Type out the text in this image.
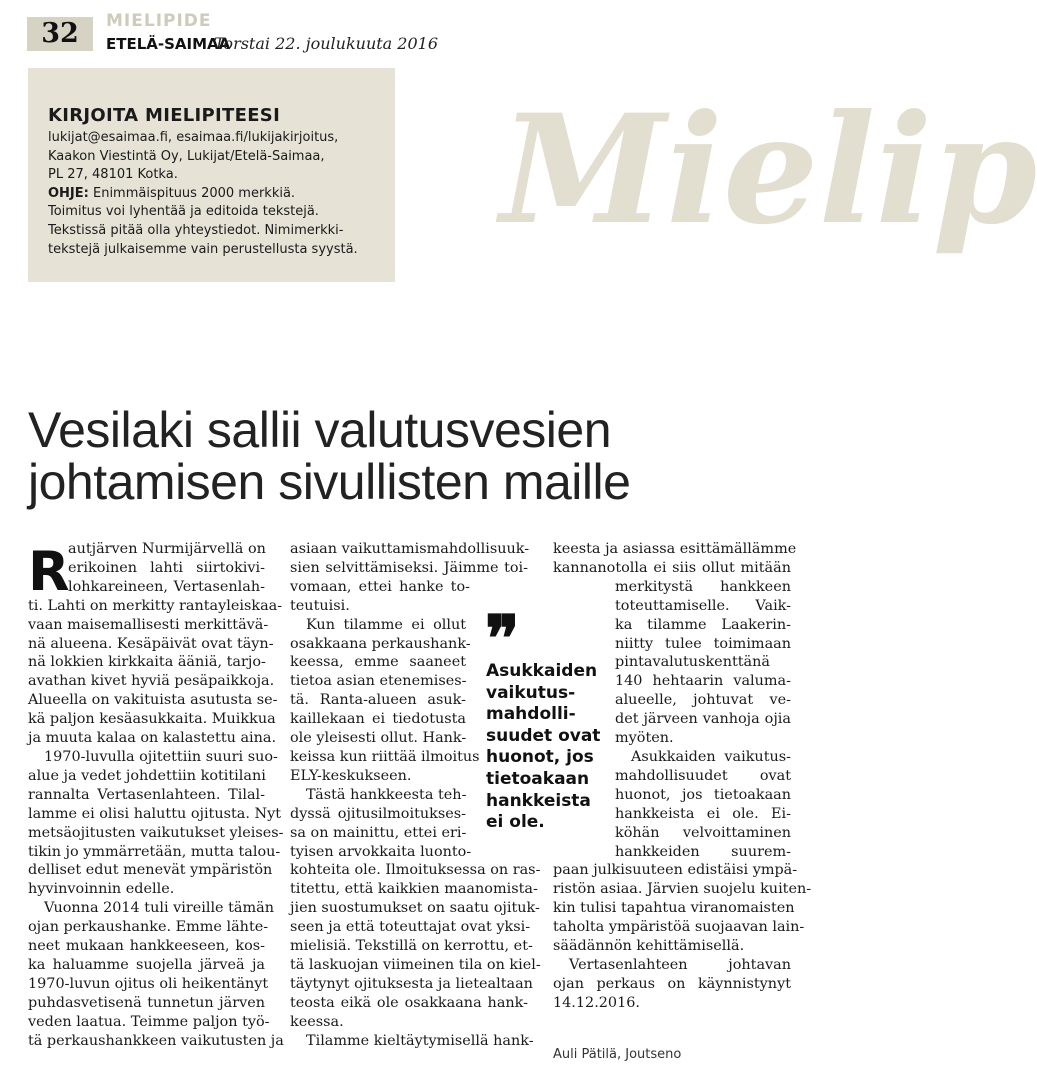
32	MIELIPIDE
ETELÄ-SAIMAA
Torstai 22. joulukuuta 2016
KIRJOITA MIELIPITEESI
lukijat@esaimaa.fi, esaimaa.fi/lukijakirjoitus,
Kaakon Viestintä Oy, Lukijat/Etelä-Saimaa,
PL 27, 48101 Kotka.
OHJE: Enimmäispituus 2000 merkkiä.
Toimitus voi lyhentää ja editoida tekstejä.
Tekstissä pitää olla yhteystiedot. Nimimerkki-
tekstejä julkaisemme vain perustellusta syystä. Mielip
Vesilaki sallii valutusvesien
johtamisen sivullisten maille
R
autjärven Nurmijärvellä on
erikoinen lahti siirtokivi-
lohkareineen, Vertasenlah-
ti. Lahti on merkitty rantayleiskaa-
vaan maisemallisesti merkittävä-
nä alueena. Kesäpäivät ovat täyn-
nä lokkien kirkkaita ääniä, tarjo-
avathan kivet hyviä pesäpaikkoja.
Alueella on vakituista asutusta se-
kä paljon kesäasukkaita. Muikkua
ja muuta kalaa on kalastettu aina.
1970-luvulla ojitettiin suuri suo-
alue ja vedet johdettiin kotitilani
rannalta Vertasenlahteen. Tilal-
lamme ei olisi haluttu ojitusta. Nyt
metsäojitusten vaikutukset yleises-
tikin jo ymmärretään, mutta talou-
delliset edut menevät ympäristön
hyvinvoinnin edelle.
Vuonna 2014 tuli vireille tämän
ojan perkaushanke. Emme lähte-
neet mukaan hankkeeseen, kos-
ka haluamme suojella järveä ja
1970-luvun ojitus oli heikentänyt
puhdasvetisenä tunnetun järven
veden laatua. Teimme paljon työ-
tä perkaushankkeen vaikutusten ja
asiaan vaikuttamismahdollisuuk-
sien selvittämiseksi. Jäimme toi-
vomaan, ettei hanke to-
teutuisi.
Kun tilamme ei ollut
osakkaana perkaushank-
keessa, emme saaneet
tietoa asian etenemises-
tä. Ranta-alueen asuk-
kaillekaan ei tiedotusta
ole yleisesti ollut. Hank-
keissa kun riittää ilmoitus
ELY-keskukseen.
Tästä hankkeesta teh-
dyssä ojitusilmoitukses-
sa on mainittu, ettei eri-
tyisen arvokkaita luonto-
kohteita ole. Ilmoituksessa on ras-
titettu, että kaikkien maanomista-
jien suostumukset on saatu ojituk-
seen ja että toteuttajat ovat yksi-
mielisiä. Tekstillä on kerrottu, et-
tä laskuojan viimeinen tila on kiel-
täytynyt ojituksesta ja lietealtaan
teosta eikä ole osakkaana hank-
keessa.
Tilamme kieltäytymisellä hank-
❞
Asukkaiden
vaikutus-
mahdolli-
suudet ovat
huonot, jos
tietoakaan
hankkeista
ei ole.
keesta ja asiassa esittämällämme
kannanotolla ei siis ollut mitään
merkitystä hankkeen
toteuttamiselle. Vaik-
ka tilamme Laakerin-
niitty tulee toimimaan
pintavalutuskenttänä
140 hehtaarin valuma-
alueelle, johtuvat ve-
det järveen vanhoja ojia
myöten.
Asukkaiden vaikutus-
mahdollisuudet ovat
huonot, jos tietoakaan
hankkeista ei ole. Ei-
köhän velvoittaminen
hankkeiden suurem-
paan julkisuuteen edistäisi ympä-
ristön asiaa. Järvien suojelu kuiten-
kin tulisi tapahtua viranomaisten
taholta ympäristöä suojaavan lain-
säädännön kehittämisellä.
Vertasenlahteen johtavan
ojan perkaus on käynnistynyt
14.12.2016.
Auli Pätilä, Joutseno
